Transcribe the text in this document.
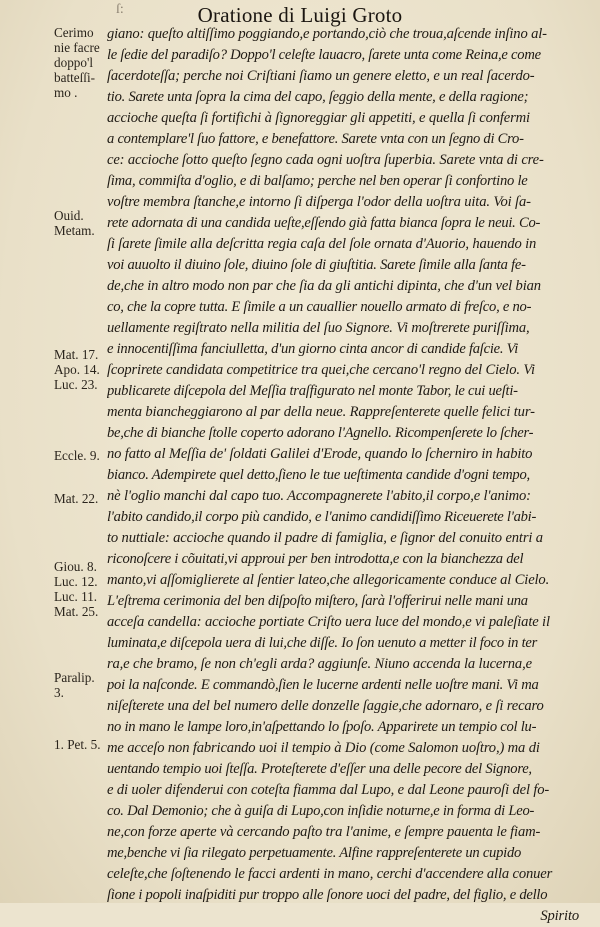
ſ:	Oratione di Luigi Groto
Cerimo
nie facre
doppo'l
batteſſi-
mo .
Ouid.
Metam.
Mat. 17.
Apo. 14.
Luc. 23.
Eccle. 9.
Mat. 22.
Giou. 8.
Luc. 12.
Luc. 11.
Mat. 25.
Paralip.
3.
1. Pet. 5.
giano: queſto altiſſimo poggiando,e portando,ciò che troua,aſcende inſino al-
le ſedie del paradiſo? Doppo'l celeſte lauacro, ſarete unta come Reina,e come
ſacerdoteſſa; perche noi Criſtiani ſiamo un genere eletto, e un real ſacerdo-
tio. Sarete unta ſopra la cima del capo, ſeggio della mente, e della ragione;
accioche queſta ſi fortifichi à ſignoreggiar gli appetiti, e quella ſi confermi
a contemplare'l ſuo fattore, e benefattore. Sarete vnta con un ſegno di Cro-
ce: accioche ſotto queſto ſegno cada ogni uoſtra ſuperbia. Sarete vnta di cre-
ſima, commiſta d'oglio, e di balſamo; perche nel ben operar ſi confortino le
voſtre membra ſtanche,e intorno ſi diſperga l'odor della uoſtra uita. Voi ſa-
rete adornata di una candida ueſte,eſſendo già fatta bianca ſopra le neui. Co-
ſi ſarete ſimile alla deſcritta regia caſa del ſole ornata d'Auorio, hauendo in
voi auuolto il diuino ſole, diuino ſole di giuſtitia. Sarete ſimile alla ſanta fe-
de,che in altro modo non par che ſia da gli antichi dipinta, che d'un vel bian
co, che la copre tutta. E ſimile a un cauallier nouello armato di freſco, e no-
uellamente regiſtrato nella militia del ſuo Signore. Vi moſtrerete puriſſima,
e innocentiſſima fanciulletta, d'un giorno cinta ancor di candide faſcie. Vi
ſcoprirete candidata competitrice tra quei,che cercano'l regno del Cielo. Vi
publicarete diſcepola del Meſſia traſfigurato nel monte Tabor, le cui ueſti-
menta biancheggiarono al par della neue. Rappreſenterete quelle felici tur-
be,che di bianche ſtolle coperto adorano l'Agnello. Ricompenſerete lo ſcher-
no fatto al Meſſia de' ſoldati Galilei d'Erode, quando lo ſcherniro in habito
bianco. Adempirete quel detto,ſieno le tue ueſtimenta candide d'ogni tempo,
nè l'oglio manchi dal capo tuo. Accompagnerete l'abito,il corpo,e l'animo:
l'abito candido,il corpo più candido, e l'animo candidiſſimo Riceuerete l'abi-
to nuttiale: accioche quando il padre di famiglia, e ſignor del conuito entri a
riconoſcere i cõuitati,vi approui per ben introdotta,e con la bianchezza del
manto,vi aſſomiglierete al ſentier lateo,che allegoricamente conduce al Cielo.
L'eſtrema cerimonia del ben diſpoſto miſtero, ſarà l'offerirui nelle mani una
acceſa candella: accioche portiate Criſto uera luce del mondo,e vi paleſiate il
luminata,e diſcepola uera di lui,che diſſe. Io ſon uenuto a metter il foco in ter
ra,e che bramo, ſe non ch'egli arda? aggiunſe. Niuno accenda la lucerna,e
poi la naſconde. E commandò,ſien le lucerne ardenti nelle uoſtre mani. Vi ma
niſeſterete una del bel numero delle donzelle ſaggie,che adornaro, e ſi recaro
no in mano le lampe loro,in'aſpettando lo ſpoſo. Apparirete un tempio col lu-
me acceſo non fabricando uoi il tempio à Dio (come Salomon uoſtro,) ma di
uentando tempio uoi ſteſſa. Proteſterete d'eſſer una delle pecore del Signore,
e di uoler difenderui con coteſta fiamma dal Lupo, e dal Leone pauroſi del fo-
co. Dal Demonio; che à guiſa di Lupo,con inſidie noturne,e in forma di Leo-
ne,con forze aperte và cercando paſto tra l'anime, e ſempre pauenta le fiam-
me,benche vi ſia rilegato perpetuamente. Alfine rappreſenterete un cupido
celeſte,che ſoſtenendo le facci ardenti in mano, cerchi d'accendere alla conuer
ſione i popoli inaſpiditi pur troppo alle ſonore uoci del padre, del figlio, e dello
Spirito
